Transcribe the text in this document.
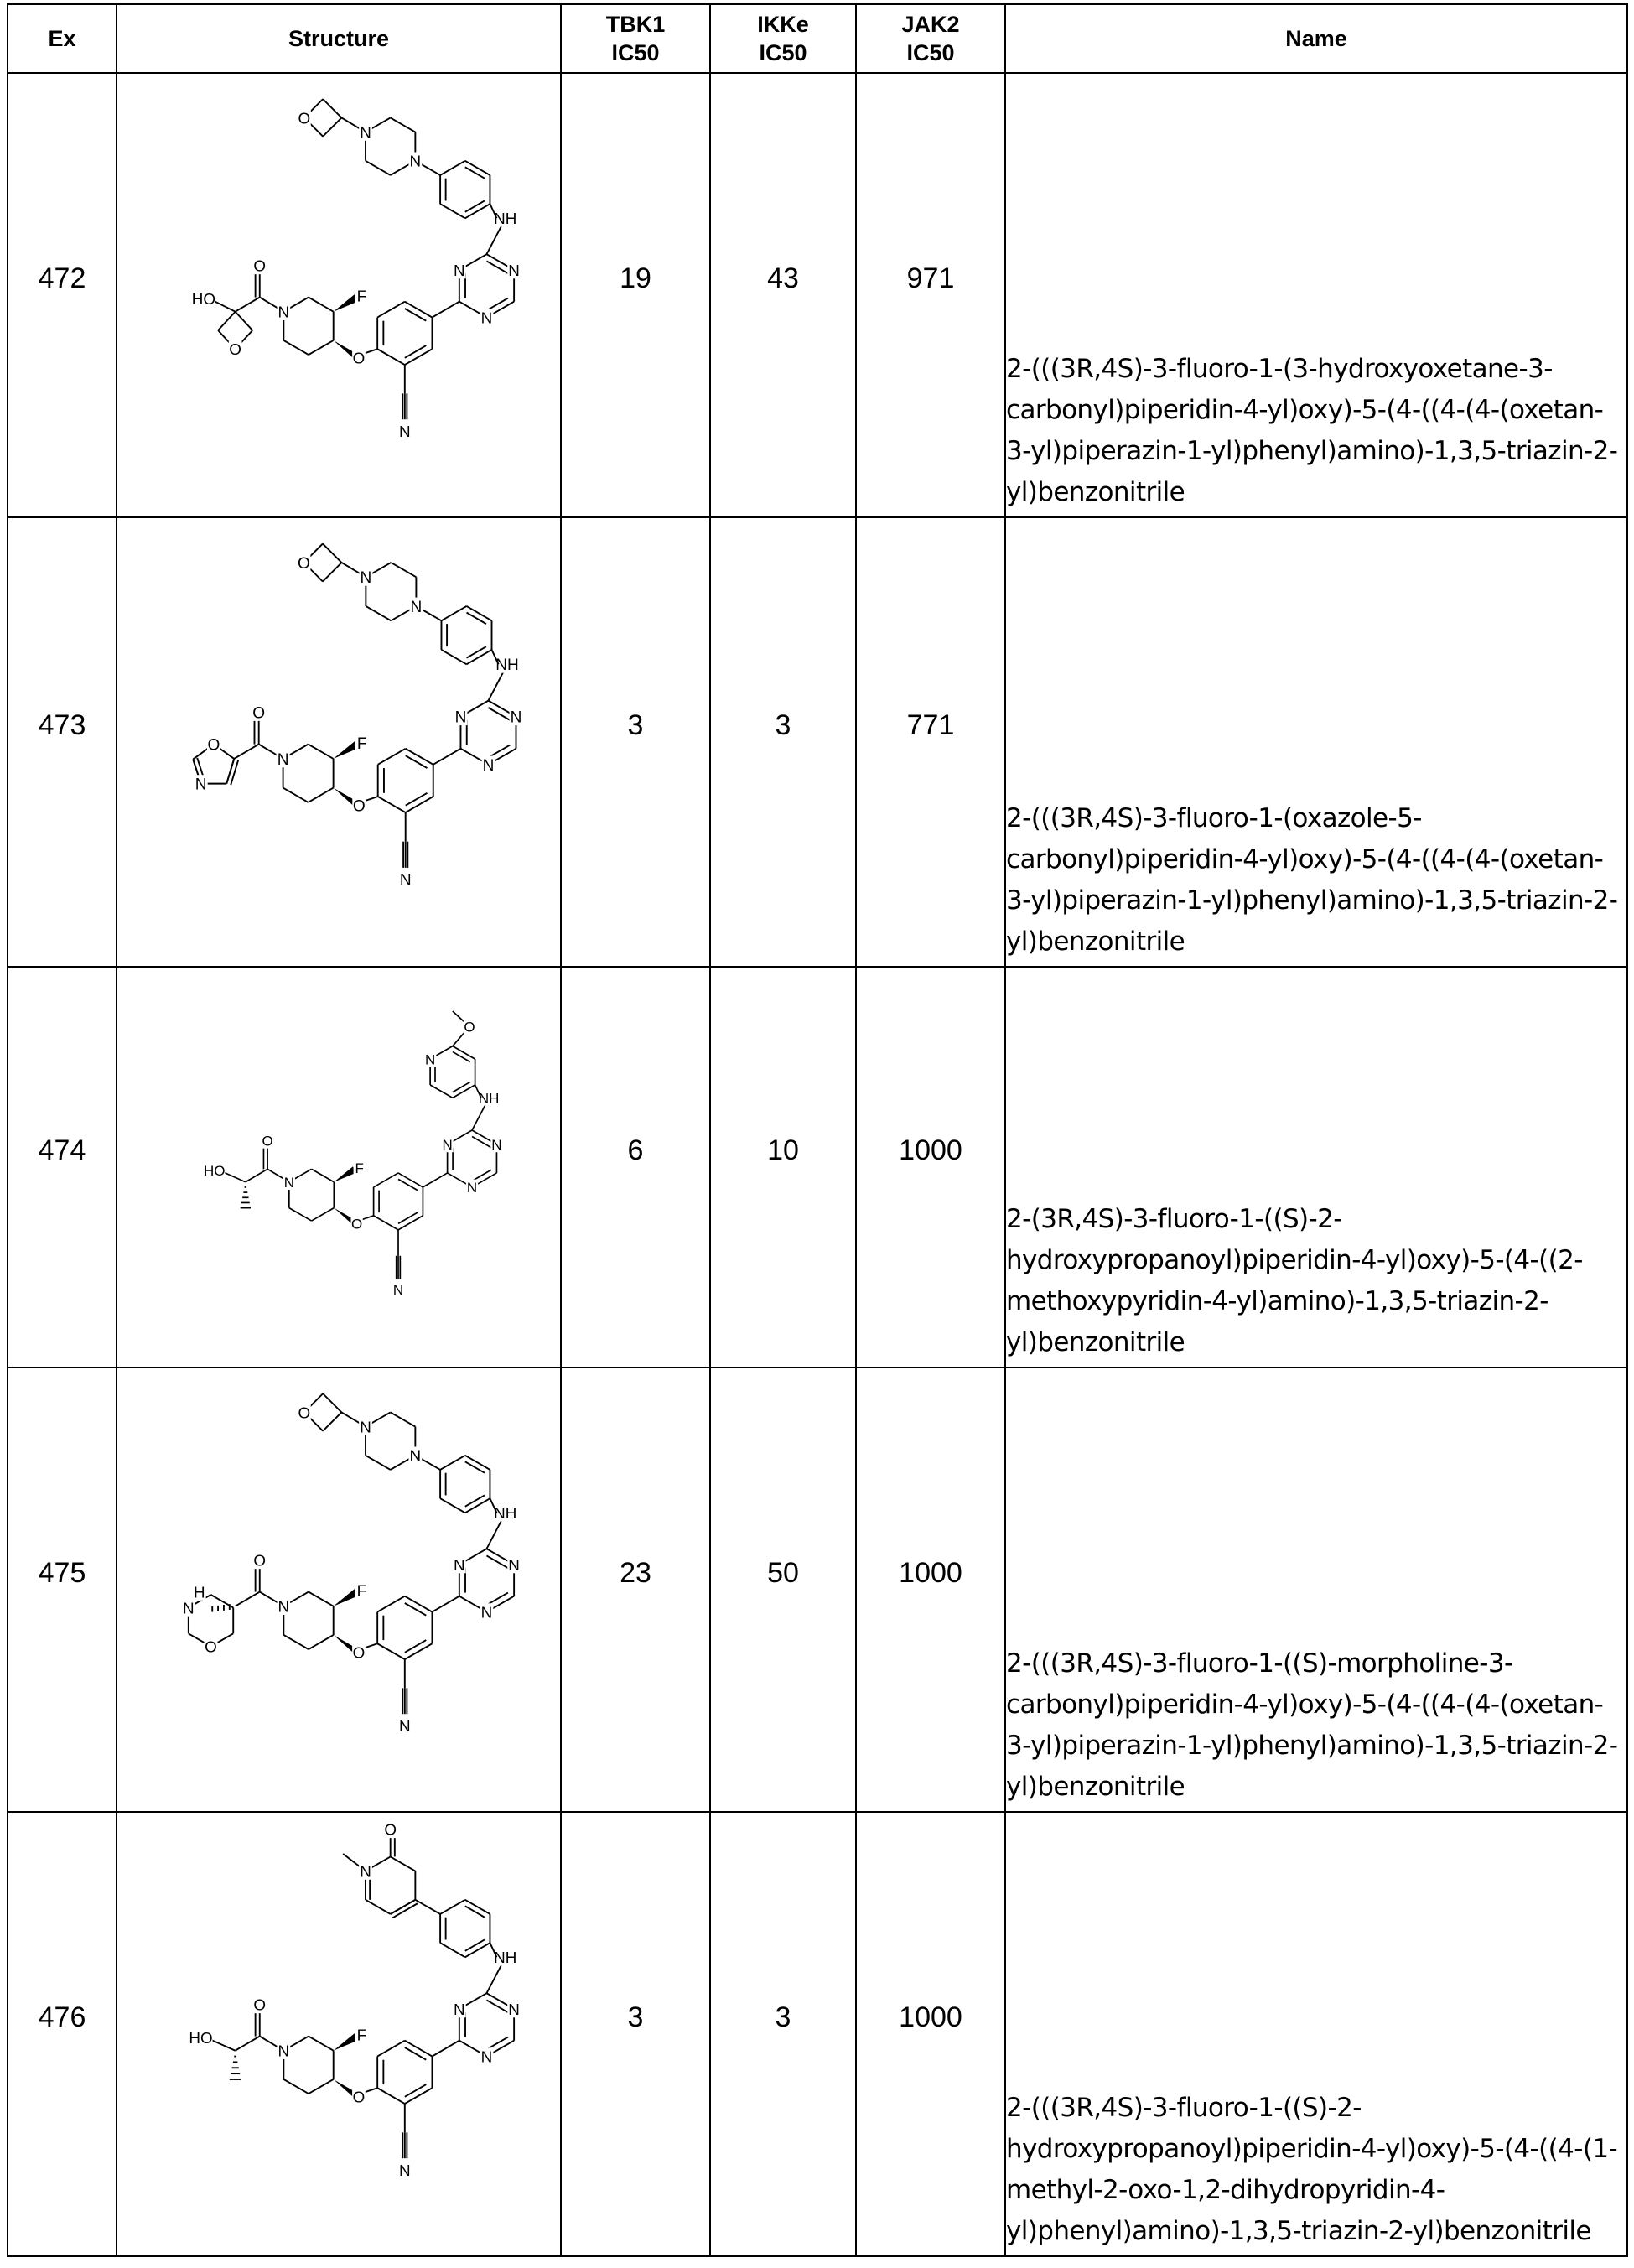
Ex	Structure	TBK1
IC50	IKKe
IC50	JAK2
IC50	Name
472	
NH
N
N
N
F
O
N
O
N
O
N
N
HO
O
	19	43	971	2-(((3R,4S)-3-fluoro-1-(3-hydroxyoxetane-3-carbonyl)piperidin-4-yl)oxy)-5-(4-((4-(4-(oxetan-3-yl)piperazin-1-yl)phenyl)amino)-1,3,5-triazin-2-yl)benzonitrile
473	
NH
N
N
N
F
O
N
O
N
O
N
N
O
N
	3	3	771	2-(((3R,4S)-3-fluoro-1-(oxazole-5-carbonyl)piperidin-4-yl)oxy)-5-(4-((4-(4-(oxetan-3-yl)piperazin-1-yl)phenyl)amino)-1,3,5-triazin-2-yl)benzonitrile
474	
NH
N
N
N
F
O
N
O
N
N
O
HO
	6	10	1000	2-(3R,4S)-3-fluoro-1-((S)-2-hydroxypropanoyl)piperidin-4-yl)oxy)-5-(4-((2-methoxypyridin-4-yl)amino)-1,3,5-triazin-2-yl)benzonitrile
475	
NH
N
N
N
F
O
N
O
N
O
N
N
H
N
O
	23	50	1000	2-(((3R,4S)-3-fluoro-1-((S)-morpholine-3-carbonyl)piperidin-4-yl)oxy)-5-(4-((4-(4-(oxetan-3-yl)piperazin-1-yl)phenyl)amino)-1,3,5-triazin-2-yl)benzonitrile
476	
NH
N
N
N
F
O
N
O
N
N
O
HO
	3	3	1000	2-(((3R,4S)-3-fluoro-1-((S)-2-hydroxypropanoyl)piperidin-4-yl)oxy)-5-(4-((4-(1-methyl-2-oxo-1,2-dihydropyridin-4-yl)phenyl)amino)-1,3,5-triazin-2-yl)benzonitrile
